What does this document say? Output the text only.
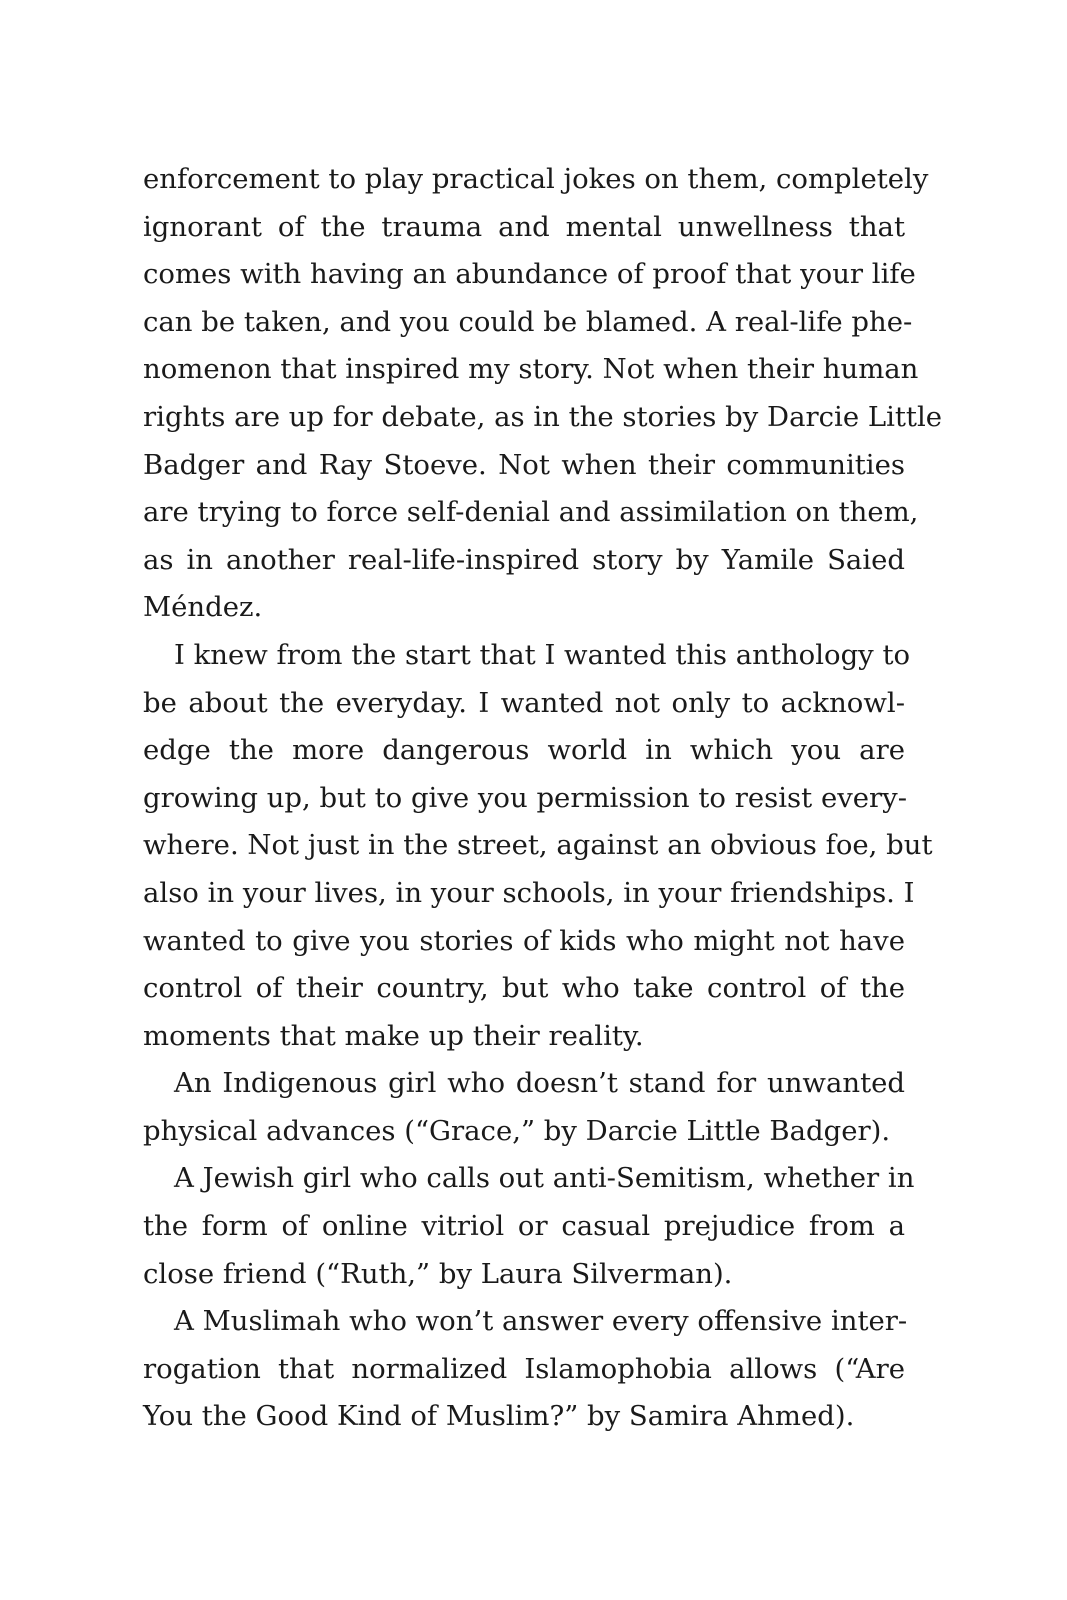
enforcement to play practical jokes on them, completely
ignorant of the trauma and mental unwellness that
comes with having an abundance of proof that your life
can be taken, and you could be blamed. A real-life phe-
nomenon that inspired my story. Not when their human
rights are up for debate, as in the stories by Darcie Little
Badger and Ray Stoeve. Not when their communities
are trying to force self-denial and assimilation on them,
as in another real-life-inspired story by Yamile Saied
Méndez.
I knew from the start that I wanted this anthology to
be about the everyday. I wanted not only to acknowl-
edge the more dangerous world in which you are
growing up, but to give you permission to resist every-
where. Not just in the street, against an obvious foe, but
also in your lives, in your schools, in your friendships. I
wanted to give you stories of kids who might not have
control of their country, but who take control of the
moments that make up their reality.
An Indigenous girl who doesn’t stand for unwanted
physical advances (“Grace,” by Darcie Little Badger).
A Jewish girl who calls out anti-Semitism, whether in
the form of online vitriol or casual prejudice from a
close friend (“Ruth,” by Laura Silverman).
A Muslimah who won’t answer every offensive inter-
rogation that normalized Islamophobia allows (“Are
You the Good Kind of Muslim?” by Samira Ahmed).
